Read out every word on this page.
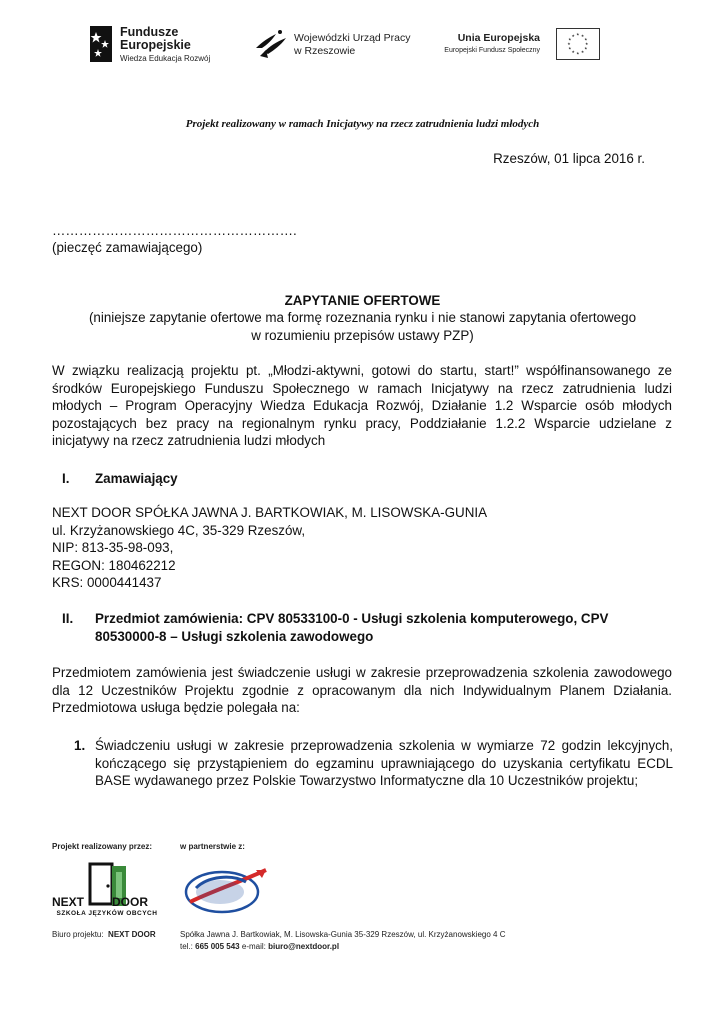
Fundusze
Europejskie
Wiedza Edukacja Rozwój
Wojewódzki Urząd Pracy
w Rzeszowie
Unia Europejska
Europejski Fundusz Społeczny
★ ★
★
★
★
★
★
★
★
★
★
★
Projekt realizowany w ramach Inicjatywy na rzecz zatrudnienia ludzi młodych
Rzeszów, 01 lipca 2016 r.
……………………………………………….
(pieczęć zamawiającego)
ZAPYTANIE OFERTOWE
(niniejsze zapytanie ofertowe ma formę rozeznania rynku i nie stanowi zapytania ofertowego
w rozumieniu przepisów ustawy PZP)
W związku realizacją projektu pt. „Młodzi-aktywni, gotowi do startu, start!” współfinansowanego ze środków Europejskiego Funduszu Społecznego w ramach Inicjatywy na rzecz zatrudnienia ludzi młodych – Program Operacyjny Wiedza Edukacja Rozwój, Działanie 1.2 Wsparcie osób młodych pozostających bez pracy na regionalnym rynku pracy, Poddziałanie 1.2.2 Wsparcie udzielane z inicjatywy na rzecz zatrudnienia ludzi młodych
I. Zamawiający
NEXT DOOR SPÓŁKA JAWNA J. BARTKOWIAK, M. LISOWSKA-GUNIA
ul. Krzyżanowskiego 4C, 35-329 Rzeszów,
NIP: 813-35-98-093,
REGON: 180462212
KRS: 0000441437
II. Przedmiot zamówienia: CPV 80533100-0 - Usługi szkolenia komputerowego, CPV 80530000-8 – Usługi szkolenia zawodowego
Przedmiotem zamówienia jest świadczenie usługi w zakresie przeprowadzenia szkolenia zawodowego dla 12 Uczestników Projektu zgodnie z opracowanym dla nich Indywidualnym Planem Działania. Przedmiotowa usługa będzie polegała na:
1. Świadczeniu usługi w zakresie przeprowadzenia szkolenia w wymiarze 72 godzin lekcyjnych, kończącego się przystąpieniem do egzaminu uprawniającego do uzyskania certyfikatu ECDL BASE wydawanego przez Polskie Towarzystwo Informatyczne dla 10 Uczestników projektu;
Projekt realizowany przez:	w partnerstwie z:
NEXT DOOR
SZKOŁA JĘZYKÓW OBCYCH
Biuro projektu: NEXT DOOR	Spółka Jawna J. Bartkowiak, M. Lisowska-Gunia 35-329 Rzeszów, ul. Krzyżanowskiego 4 C
tel.: 665 005 543 e-mail: biuro@nextdoor.pl
